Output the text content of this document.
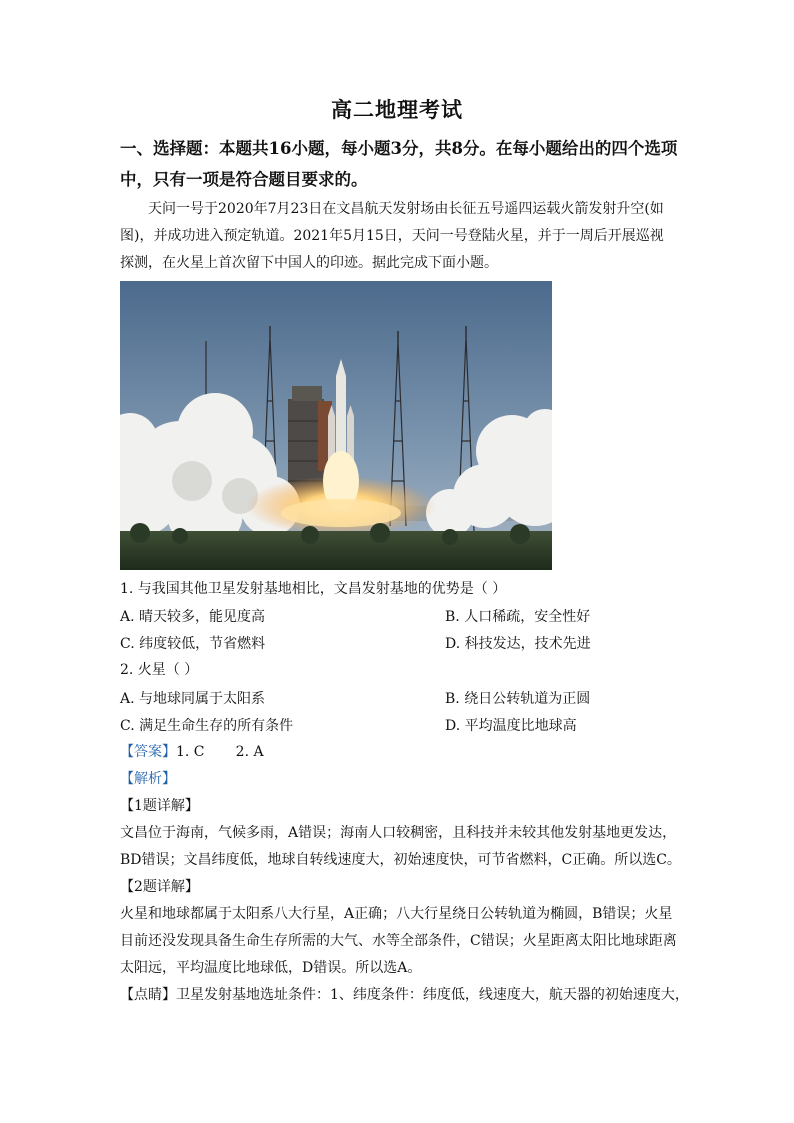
高二地理考试
一、选择题：本题共16小题，每小题3分，共8分。在每小题给出的四个选项
中，只有一项是符合题目要求的。
天问一号于2020年7月23日在文昌航天发射场由长征五号遥四运载火箭发射升空(如
图)，并成功进入预定轨道。2021年5月15日，天问一号登陆火星，并于一周后开展巡视
探测，在火星上首次留下中国人的印迹。据此完成下面小题。
1. 与我国其他卫星发射基地相比，文昌发射基地的优势是（ ）
A. 晴天较多，能见度高	B. 人口稀疏，安全性好
C. 纬度较低，节省燃料	D. 科技发达，技术先进
2. 火星（ ）
A. 与地球同属于太阳系	B. 绕日公转轨道为正圆
C. 满足生命生存的所有条件	D. 平均温度比地球高
【答案】1. C       2. A
【解析】
【1题详解】
文昌位于海南，气候多雨，A错误；海南人口较稠密，且科技并未较其他发射基地更发达，
BD错误；文昌纬度低，地球自转线速度大，初始速度快，可节省燃料，C正确。所以选C。
【2题详解】
火星和地球都属于太阳系八大行星，A正确；八大行星绕日公转轨道为椭圆，B错误；火星
目前还没发现具备生命生存所需的大气、水等全部条件，C错误；火星距离太阳比地球距离
太阳远，平均温度比地球低，D错误。所以选A。
【点睛】卫星发射基地选址条件：1、纬度条件：纬度低，线速度大，航天器的初始速度大，
